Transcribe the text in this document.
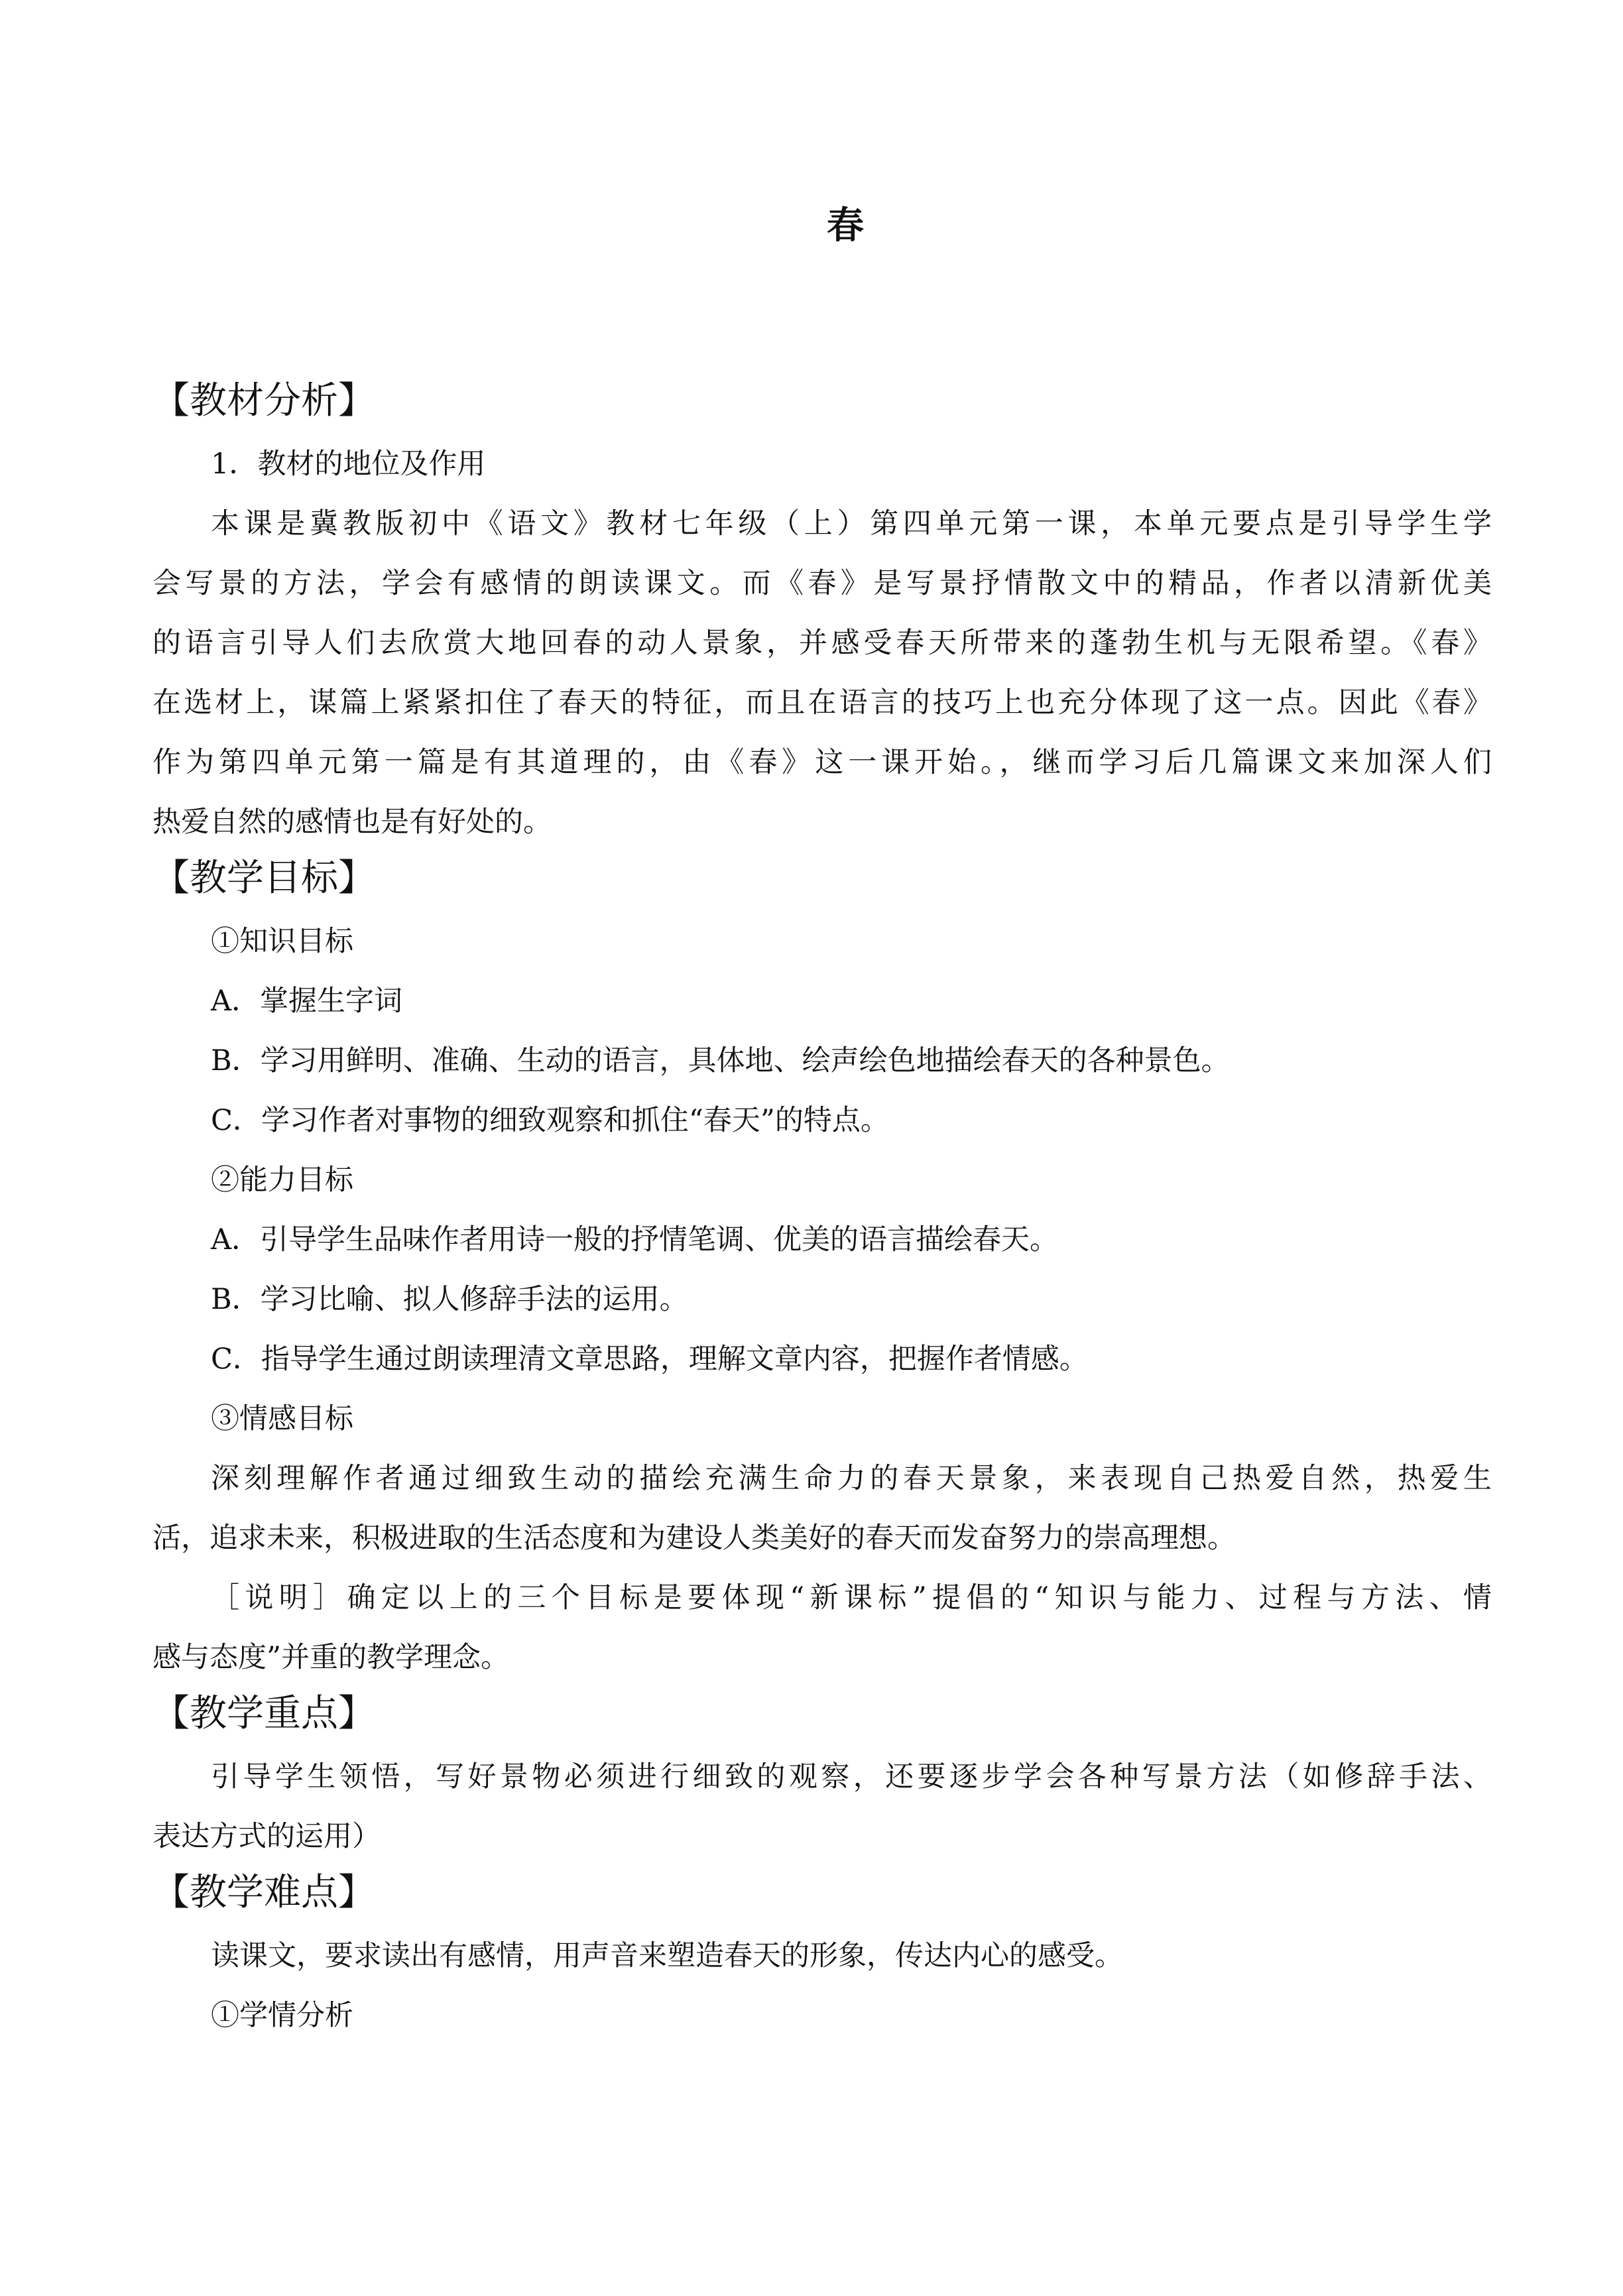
春
【教材分析】

1．教材的地位及作用

本课是冀教版初中《语文》教材七年级（上）第四单元第一课，本单元要点是引导学生学

会写景的方法，学会有感情的朗读课文。而《春》是写景抒情散文中的精品，作者以清新优美

的语言引导人们去欣赏大地回春的动人景象，并感受春天所带来的蓬勃生机与无限希望。《春》

在选材上，谋篇上紧紧扣住了春天的特征，而且在语言的技巧上也充分体现了这一点。因此《春》

作为第四单元第一篇是有其道理的，由《春》这一课开始。，继而学习后几篇课文来加深人们

热爱自然的感情也是有好处的。

【教学目标】

①知识目标

A．掌握生字词

B．学习用鲜明、准确、生动的语言，具体地、绘声绘色地描绘春天的各种景色。

C．学习作者对事物的细致观察和抓住“春天”的特点。

②能力目标

A．引导学生品味作者用诗一般的抒情笔调、优美的语言描绘春天。

B．学习比喻、拟人修辞手法的运用。

C．指导学生通过朗读理清文章思路，理解文章内容，把握作者情感。

③情感目标

深刻理解作者通过细致生动的描绘充满生命力的春天景象，来表现自己热爱自然，热爱生

活，追求未来，积极进取的生活态度和为建设人类美好的春天而发奋努力的崇高理想。

［说明］确定以上的三个目标是要体现“新课标”提倡的“知识与能力、过程与方法、情

感与态度”并重的教学理念。

【教学重点】

引导学生领悟，写好景物必须进行细致的观察，还要逐步学会各种写景方法（如修辞手法、

表达方式的运用）

【教学难点】

读课文，要求读出有感情，用声音来塑造春天的形象，传达内心的感受。

①学情分析
